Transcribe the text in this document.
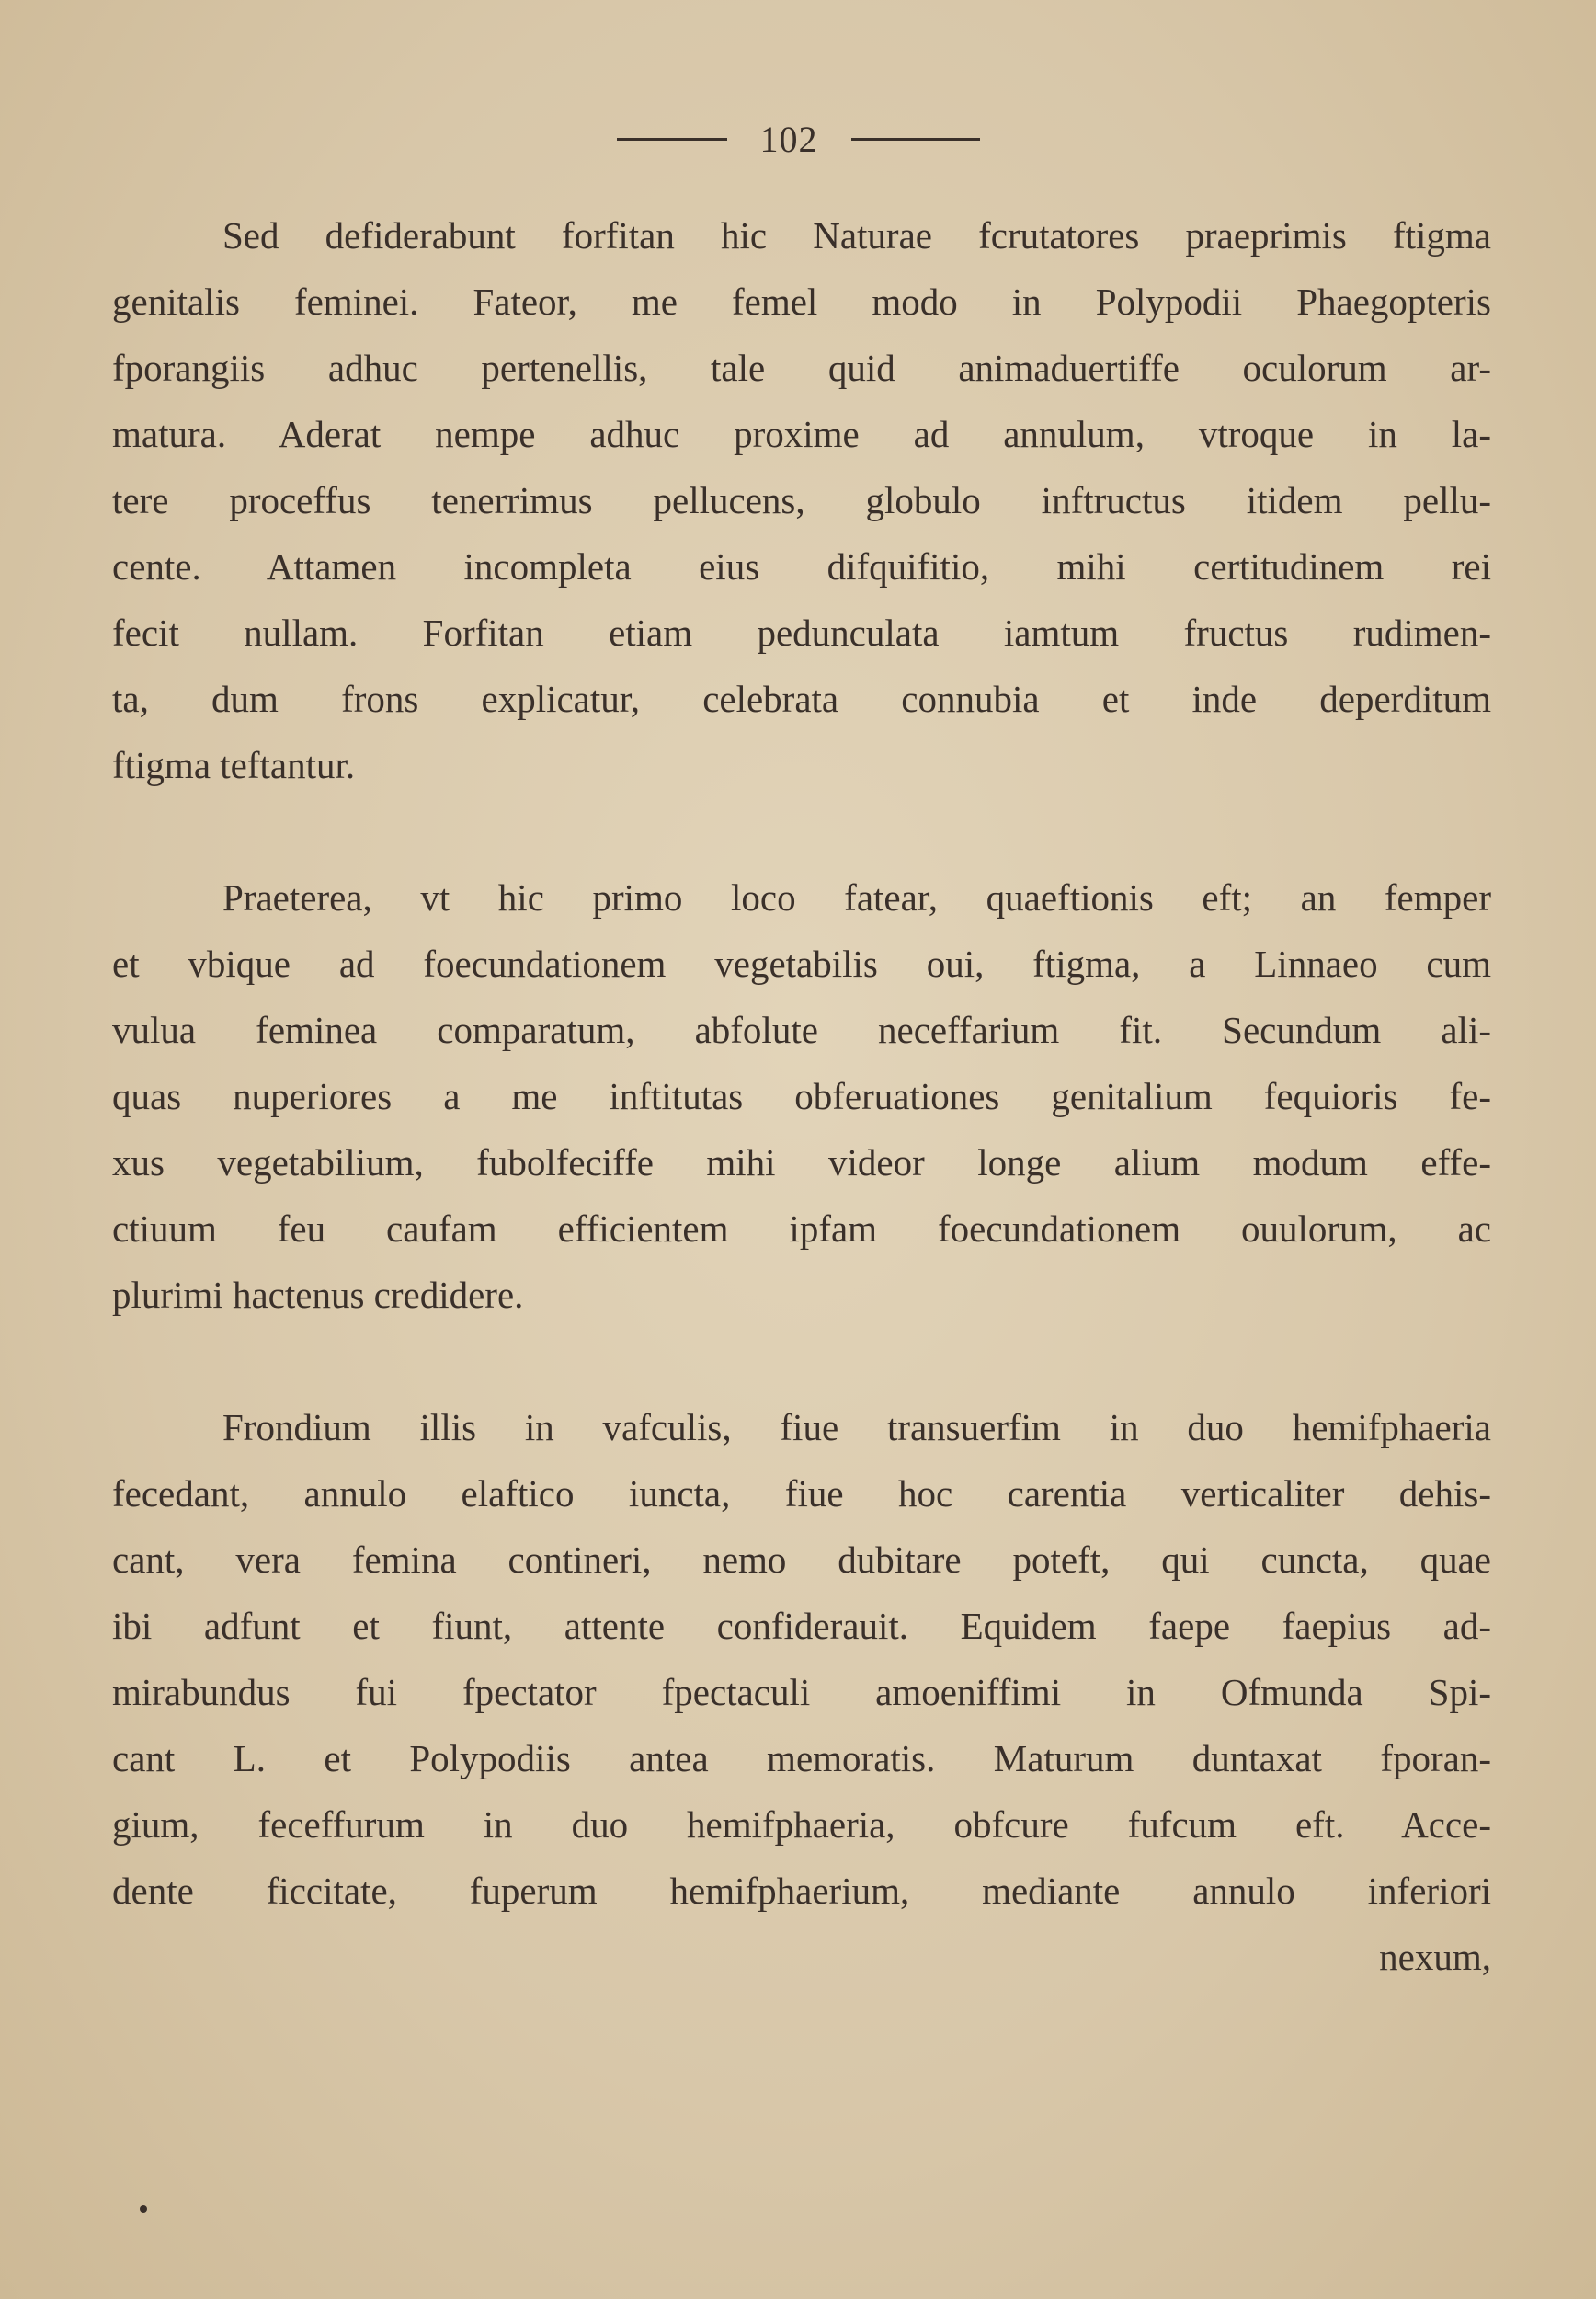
102
Sed defiderabunt forfitan hic Naturae fcrutatores praeprimis ftigma
genitalis feminei. Fateor, me femel modo in Polypodii Phaegopteris
fporangiis adhuc pertenellis, tale quid animaduertiffe oculorum ar-
matura. Aderat nempe adhuc proxime ad annulum, vtroque in la-
tere proceffus tenerrimus pellucens, globulo inftructus itidem pellu-
cente. Attamen incompleta eius difquifitio, mihi certitudinem rei
fecit nullam. Forfitan etiam pedunculata iamtum fructus rudimen-
ta, dum frons explicatur, celebrata connubia et inde deperditum
ftigma teftantur.
Praeterea, vt hic primo loco fatear, quaeftionis eft; an femper
et vbique ad foecundationem vegetabilis oui, ftigma, a Linnaeo cum
vulua feminea comparatum, abfolute neceffarium fit. Secundum ali-
quas nuperiores a me inftitutas obferuationes genitalium fequioris fe-
xus vegetabilium, fubolfeciffe mihi videor longe alium modum effe-
ctiuum feu caufam efficientem ipfam foecundationem ouulorum, ac
plurimi hactenus credidere.
Frondium illis in vafculis, fiue transuerfim in duo hemifphaeria
fecedant, annulo elaftico iuncta, fiue hoc carentia verticaliter dehis-
cant, vera femina contineri, nemo dubitare poteft, qui cuncta, quae
ibi adfunt et fiunt, attente confiderauit. Equidem faepe faepius ad-
mirabundus fui fpectator fpectaculi amoeniffimi in Ofmunda Spi-
cant L. et Polypodiis antea memoratis. Maturum duntaxat fporan-
gium, feceffurum in duo hemifphaeria, obfcure fufcum eft. Acce-
dente ficcitate, fuperum hemifphaerium, mediante annulo inferiori
nexum,
